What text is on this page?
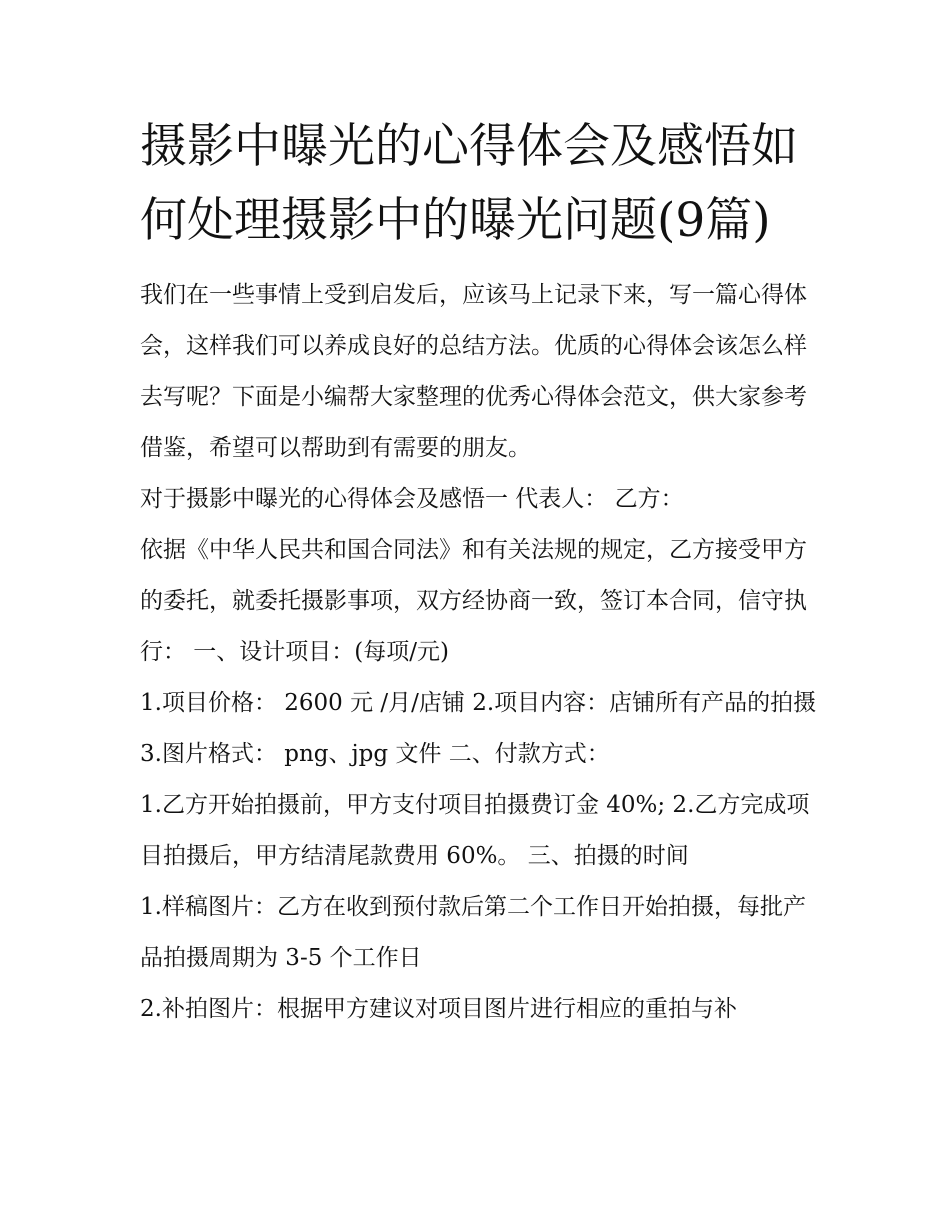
摄影中曝光的心得体会及感悟如何处理摄影中的曝光问题(9篇)

我们在一些事情上受到启发后，应该马上记录下来，写一篇心得体会，这样我们可以养成良好的总结方法。优质的心得体会该怎么样去写呢？下面是小编帮大家整理的优秀心得体会范文，供大家参考借鉴，希望可以帮助到有需要的朋友。

对于摄影中曝光的心得体会及感悟一 代表人： 乙方：

依据《中华人民共和国合同法》和有关法规的规定，乙方接受甲方的委托，就委托摄影事项，双方经协商一致，签订本合同，信守执行： 一、设计项目：(每项/元)

1.项目价格： 2600 元 /月/店铺 2.项目内容：店铺所有产品的拍摄 3.图片格式： png、jpg 文件 二、付款方式：

1.乙方开始拍摄前，甲方支付项目拍摄费订金 40%; 2.乙方完成项目拍摄后，甲方结清尾款费用 60%。 三、拍摄的时间

1.样稿图片：乙方在收到预付款后第二个工作日开始拍摄，每批产品拍摄周期为 3-5 个工作日

2.补拍图片：根据甲方建议对项目图片进行相应的重拍与补
